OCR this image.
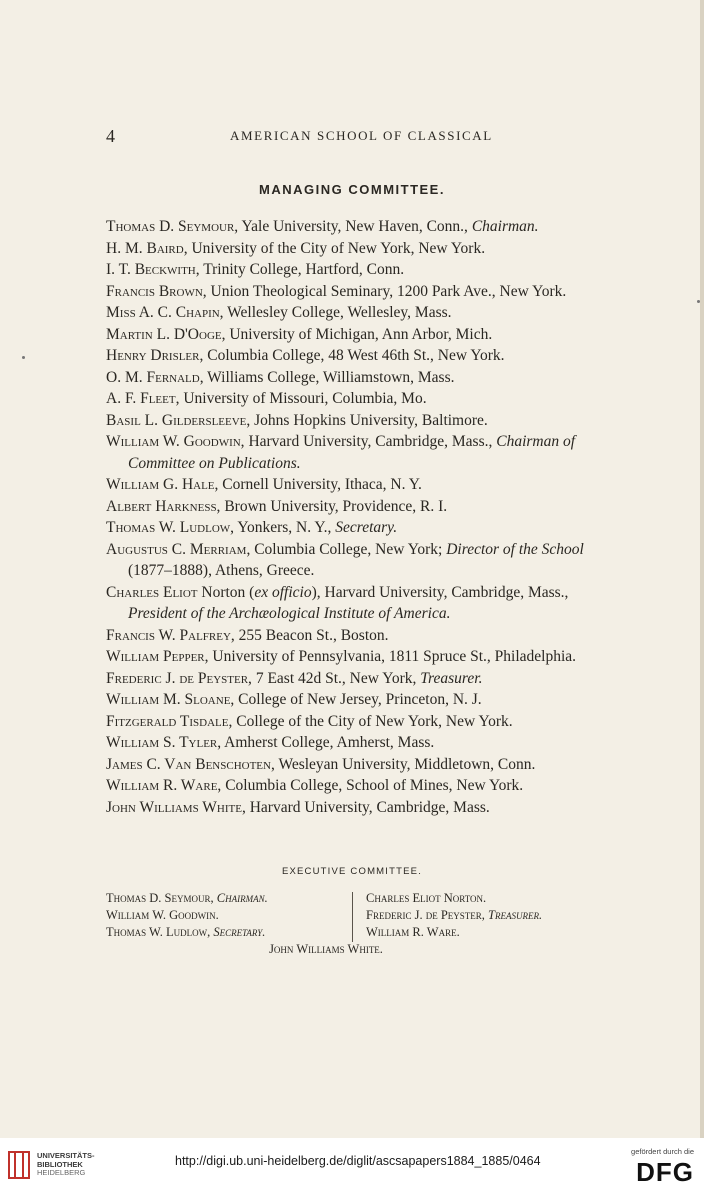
4	AMERICAN SCHOOL OF CLASSICAL
MANAGING COMMITTEE.
Thomas D. Seymour, Yale University, New Haven, Conn., Chairman.
H. M. Baird, University of the City of New York, New York.
I. T. Beckwith, Trinity College, Hartford, Conn.
Francis Brown, Union Theological Seminary, 1200 Park Ave., New York.
Miss A. C. Chapin, Wellesley College, Wellesley, Mass.
Martin L. D'Ooge, University of Michigan, Ann Arbor, Mich.
Henry Drisler, Columbia College, 48 West 46th St., New York.
O. M. Fernald, Williams College, Williamstown, Mass.
A. F. Fleet, University of Missouri, Columbia, Mo.
Basil L. Gildersleeve, Johns Hopkins University, Baltimore.
William W. Goodwin, Harvard University, Cambridge, Mass., Chairman of Committee on Publications.
William G. Hale, Cornell University, Ithaca, N. Y.
Albert Harkness, Brown University, Providence, R. I.
Thomas W. Ludlow, Yonkers, N. Y., Secretary.
Augustus C. Merriam, Columbia College, New York; Director of the School (1877–1888), Athens, Greece.
Charles Eliot Norton (ex officio), Harvard University, Cambridge, Mass., President of the Archæological Institute of America.
Francis W. Palfrey, 255 Beacon St., Boston.
William Pepper, University of Pennsylvania, 1811 Spruce St., Philadelphia.
Frederic J. de Peyster, 7 East 42d St., New York, Treasurer.
William M. Sloane, College of New Jersey, Princeton, N. J.
Fitzgerald Tisdale, College of the City of New York, New York.
William S. Tyler, Amherst College, Amherst, Mass.
James C. Van Benschoten, Wesleyan University, Middletown, Conn.
William R. Ware, Columbia College, School of Mines, New York.
John Williams White, Harvard University, Cambridge, Mass.
EXECUTIVE COMMITTEE.
Thomas D. Seymour, Chairman.
William W. Goodwin.
Thomas W. Ludlow, Secretary.
Charles Eliot Norton.
Frederic J. de Peyster, Treasurer.
William R. Ware.
John Williams White.
UNIVERSITÄTS-
BIBLIOTHEK
HEIDELBERG
http://digi.ub.uni-heidelberg.de/diglit/ascsapapers1884_1885/0464
gefördert durch die
DFG
